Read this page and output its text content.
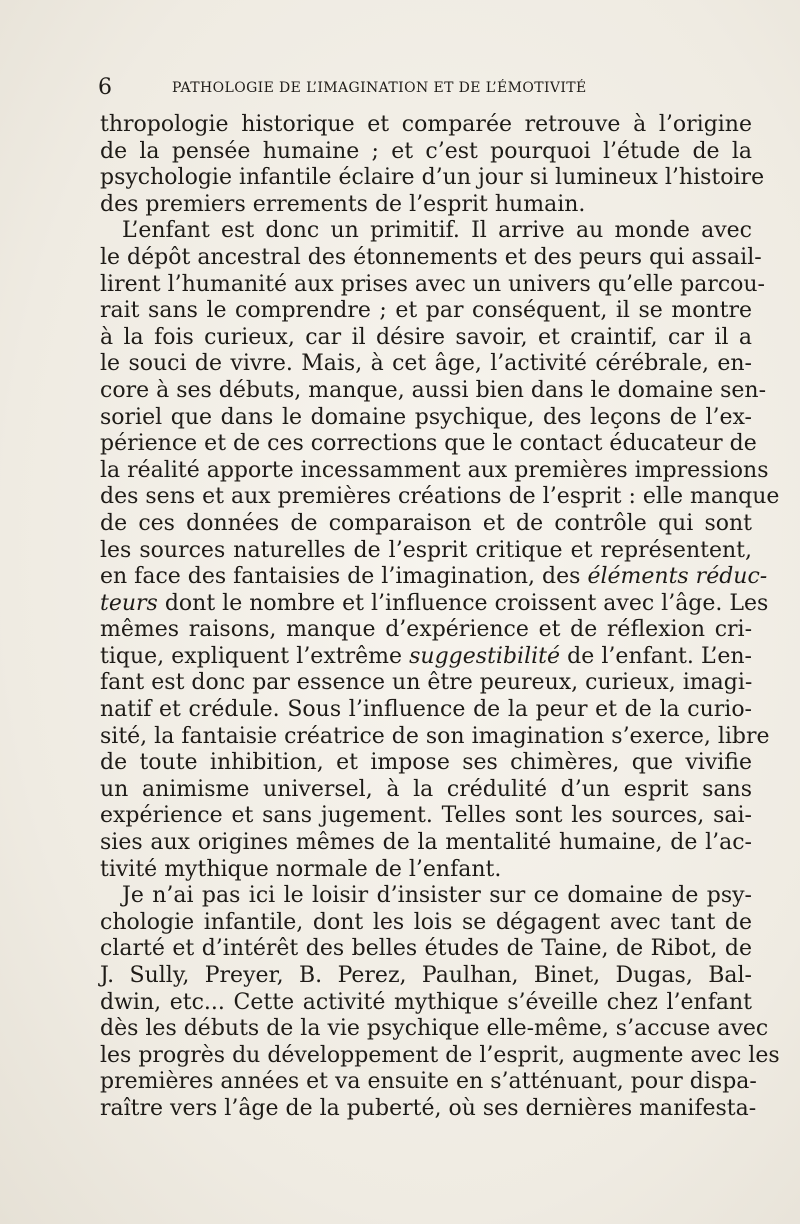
6	PATHOLOGIE DE L’IMAGINATION ET DE L’ÉMOTIVITÉ
thropologie historique et comparée retrouve à l’origine
de la pensée humaine ; et c’est pourquoi l’étude de la
psychologie infantile éclaire d’un jour si lumineux l’histoire
des premiers errements de l’esprit humain.
L’enfant est donc un primitif. Il arrive au monde avec
le dépôt ancestral des étonnements et des peurs qui assail-
lirent l’humanité aux prises avec un univers qu’elle parcou-
rait sans le comprendre ; et par conséquent, il se montre
à la fois curieux, car il désire savoir, et craintif, car il a
le souci de vivre. Mais, à cet âge, l’activité cérébrale, en-
core à ses débuts, manque, aussi bien dans le domaine sen-
soriel que dans le domaine psychique, des leçons de l’ex-
périence et de ces corrections que le contact éducateur de
la réalité apporte incessamment aux premières impressions
des sens et aux premières créations de l’esprit : elle manque
de ces données de comparaison et de contrôle qui sont
les sources naturelles de l’esprit critique et représentent,
en face des fantaisies de l’imagination, des éléments réduc-
teurs dont le nombre et l’influence croissent avec l’âge. Les
mêmes raisons, manque d’expérience et de réflexion cri-
tique, expliquent l’extrême suggestibilité de l’enfant. L’en-
fant est donc par essence un être peureux, curieux, imagi-
natif et crédule. Sous l’influence de la peur et de la curio-
sité, la fantaisie créatrice de son imagination s’exerce, libre
de toute inhibition, et impose ses chimères, que vivifie
un animisme universel, à la crédulité d’un esprit sans
expérience et sans jugement. Telles sont les sources, sai-
sies aux origines mêmes de la mentalité humaine, de l’ac-
tivité mythique normale de l’enfant.
Je n’ai pas ici le loisir d’insister sur ce domaine de psy-
chologie infantile, dont les lois se dégagent avec tant de
clarté et d’intérêt des belles études de Taine, de Ribot, de
J. Sully, Preyer, B. Perez, Paulhan, Binet, Dugas, Bal-
dwin, etc... Cette activité mythique s’éveille chez l’enfant
dès les débuts de la vie psychique elle-même, s’accuse avec
les progrès du développement de l’esprit, augmente avec les
premières années et va ensuite en s’atténuant, pour dispa-
raître vers l’âge de la puberté, où ses dernières manifesta-
